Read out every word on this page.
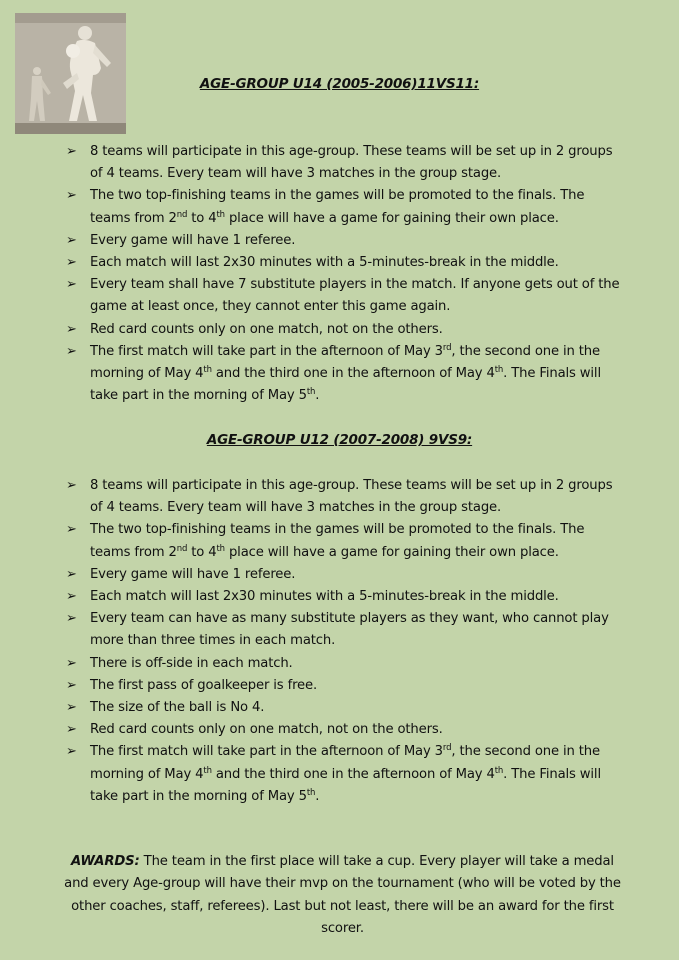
AGE-GROUP U14 (2005-2006)11VS11:
➢ 8 teams will participate in this age-group. These teams will be set up in 2 groups of 4 teams. Every team will have 3 matches in the group stage.
➢ The two top-finishing teams in the games will be promoted to the finals. The teams from 2nd to 4th place will have a game for gaining their own place.
➢ Every game will have 1 referee.
➢ Each match will last 2x30 minutes with a 5-minutes-break in the middle.
➢ Every team shall have 7 substitute players in the match. If anyone gets out of the game at least once, they cannot enter this game again.
➢ Red card counts only on one match, not on the others.
➢ The first match will take part in the afternoon of May 3rd, the second one in the morning of May 4th and the third one in the afternoon of May 4th. The Finals will take part in the morning of May 5th.
AGE-GROUP U12 (2007-2008) 9VS9:
➢ 8 teams will participate in this age-group. These teams will be set up in 2 groups of 4 teams. Every team will have 3 matches in the group stage.
➢ The two top-finishing teams in the games will be promoted to the finals. The teams from 2nd to 4th place will have a game for gaining their own place.
➢ Every game will have 1 referee.
➢ Each match will last 2x30 minutes with a 5-minutes-break in the middle.
➢ Every team can have as many substitute players as they want, who cannot play more than three times in each match.
➢ There is off-side in each match.
➢ The first pass of goalkeeper is free.
➢ The size of the ball is No 4.
➢ Red card counts only on one match, not on the others.
➢ The first match will take part in the afternoon of May 3rd, the second one in the morning of May 4th and the third one in the afternoon of May 4th. The Finals will take part in the morning of May 5th.
AWARDS: The team in the first place will take a cup. Every player will take a medal and every Age-group will have their mvp on the tournament (who will be voted by the other coaches, staff, referees). Last but not least, there will be an award for the first scorer.
